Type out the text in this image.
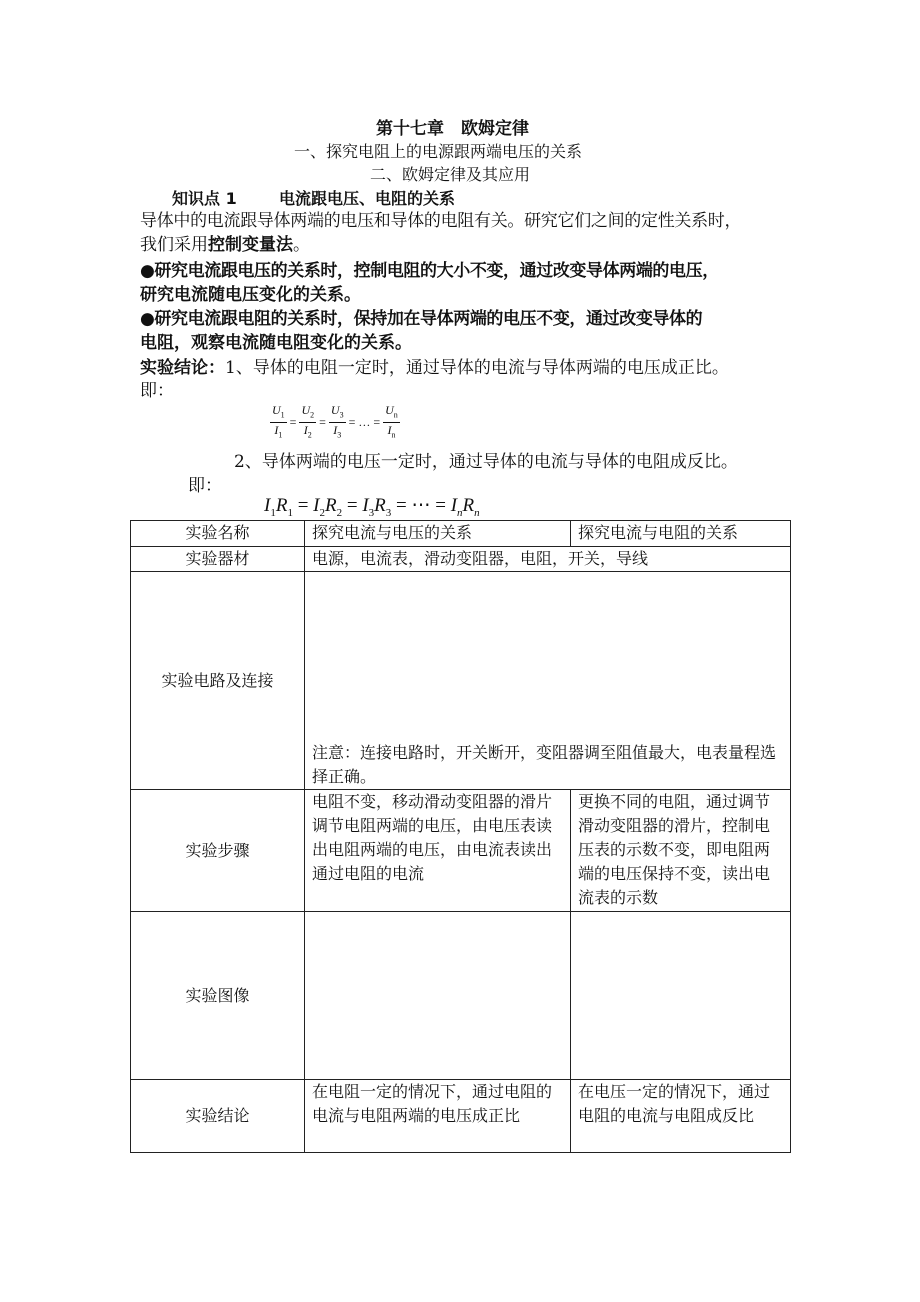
第十七章　欧姆定律
一、探究电阻上的电源跟两端电压的关系
二、欧姆定律及其应用
知识点 1	电流跟电压、电阻的关系
导体中的电流跟导体两端的电压和导体的电阻有关。研究它们之间的定性关系时，
我们采用控制变量法。
●研究电流跟电压的关系时，控制电阻的大小不变，通过改变导体两端的电压，
研究电流随电压变化的关系。
●研究电流跟电阻的关系时，保持加在导体两端的电压不变，通过改变导体的
电阻，观察电流随电阻变化的关系。
实验结论：1、导体的电阻一定时，通过导体的电流与导体两端的电压成正比。
即：
$\frac{U_1}{I_1} = \frac{U_2}{I_2} = \frac{U_3}{I_3}$ = … = $\frac{U_n}{I_n}$
2、导体两端的电压一定时，通过导体的电流与导体的电阻成反比。
即：
$I_1R_1 = I_2R_2 = I_3R_3$ = ⋯ = $I_nR_n$
实验名称	探究电流与电压的关系	探究电流与电阻的关系
实验器材	电源，电流表，滑动变阻器，电阻，开关，导线	
实验电路及连接	注意：连接电路时，开关断开，变阻器调至阻值最大，电表量程选择正确。	
实验步骤	电阻不变，移动滑动变阻器的滑片调节电阻两端的电压，由电压表读出电阻两端的电压，由电流表读出通过电阻的电流	更换不同的电阻，通过调节滑动变阻器的滑片，控制电压表的示数不变，即电阻两端的电压保持不变，读出电流表的示数
实验图像		
实验结论	在电阻一定的情况下，通过电阻的电流与电阻两端的电压成正比	在电压一定的情况下，通过电阻的电流与电阻成反比
